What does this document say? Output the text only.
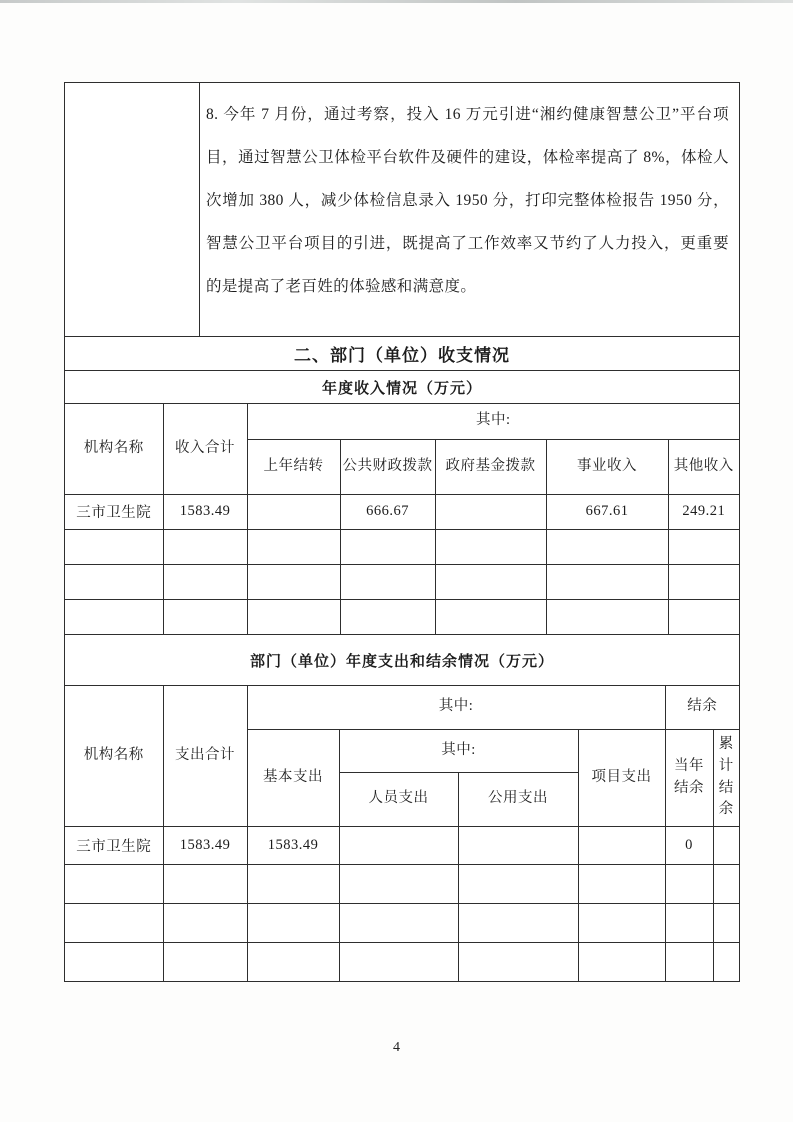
8. 今年 7 月份，通过考察，投入 16 万元引进“湘约健康智慧公卫”平台项目，通过智慧公卫体检平台软件及硬件的建设，体检率提高了 8%，体检人次增加 380 人，减少体检信息录入 1950 分，打印完整体检报告 1950 分，智慧公卫平台项目的引进，既提高了工作效率又节约了人力投入，更重要的是提高了老百姓的体验感和满意度。
二、部门（单位）收支情况
年度收入情况（万元）
机构名称	收入合计	其中:				
		上年结转	公共财政拨款	政府基金拨款	事业收入	其他收入
三市卫生院	1583.49		666.67		667.61	249.21

部门（单位）年度支出和结余情况（万元）
机构名称	支出合计	其中:				结余	
		基本支出	其中:		项目支出	当年结余	累计结余
			人员支出	公用支出			
三市卫生院	1583.49	1583.49				0	

4
